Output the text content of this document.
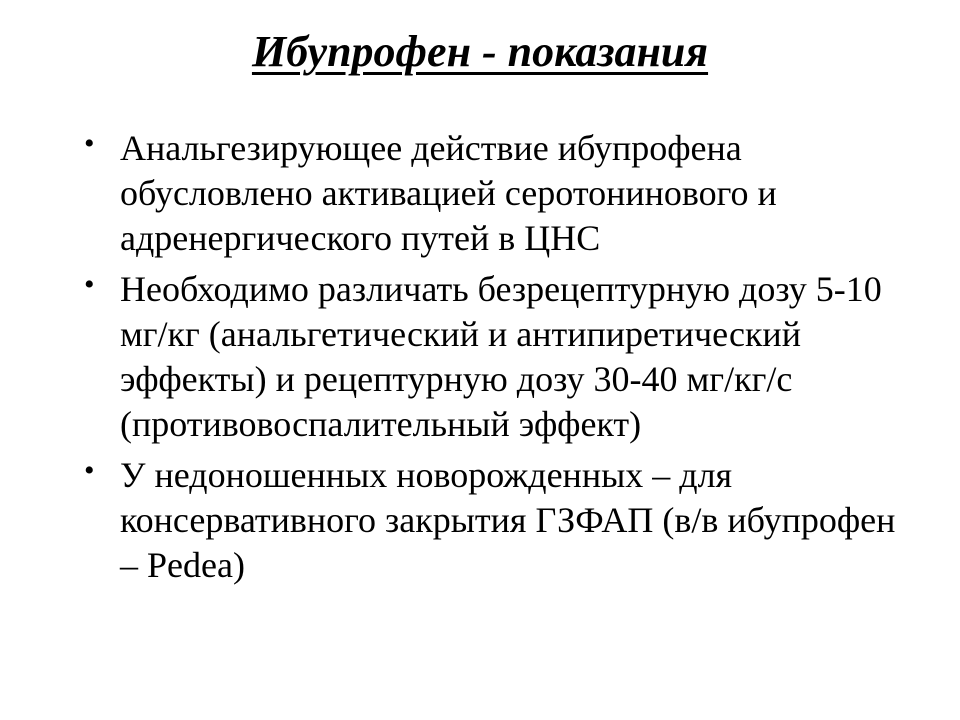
Ибупрофен - показания
• Анальгезирующее действие ибупрофена обусловлено активацией серотонинового и адренергического путей в ЦНС
• Необходимо различать безрецептурную дозу 5-10 мг/кг (анальгетический и антипиретический эффекты) и рецептурную дозу 30-40 мг/кг/с (противовоспалительный эффект)
• У недоношенных новорожденных – для консервативного закрытия ГЗФАП (в/в ибупрофен – Pedea)
